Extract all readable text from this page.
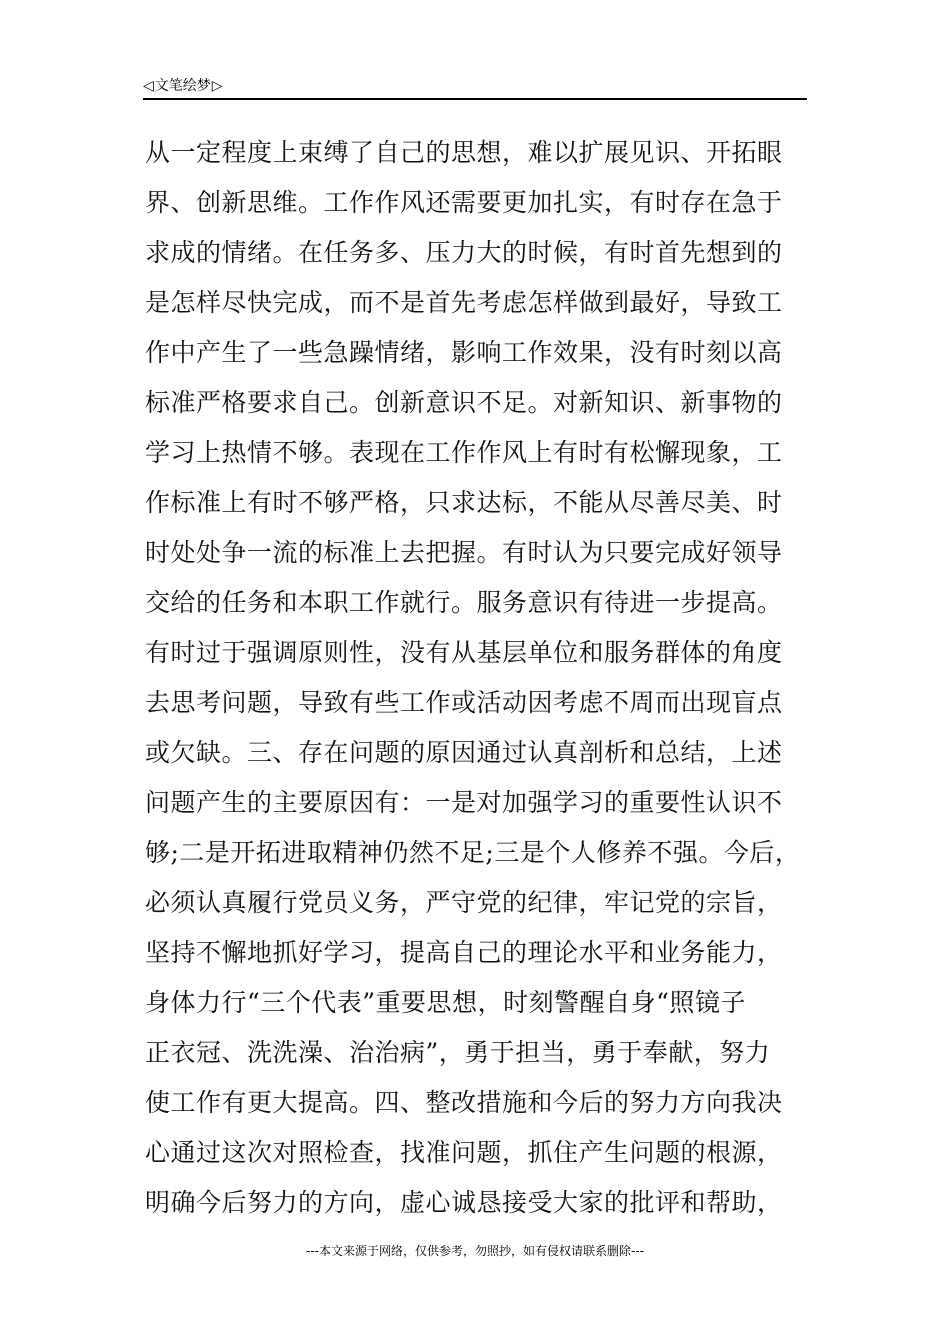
◁ 文笔绘梦 ▷
从一定程度上束缚了自己的思想，难以扩展见识、开拓眼
界、创新思维。工作作风还需要更加扎实，有时存在急于
求成的情绪。在任务多、压力大的时候，有时首先想到的
是怎样尽快完成，而不是首先考虑怎样做到最好，导致工
作中产生了一些急躁情绪，影响工作效果，没有时刻以高
标准严格要求自己。创新意识不足。对新知识、新事物的
学习上热情不够。表现在工作作风上有时有松懈现象，工
作标准上有时不够严格，只求达标，不能从尽善尽美、时
时处处争一流的标准上去把握。有时认为只要完成好领导
交给的任务和本职工作就行。服务意识有待进一步提高。
有时过于强调原则性，没有从基层单位和服务群体的角度
去思考问题，导致有些工作或活动因考虑不周而出现盲点
或欠缺。三、存在问题的原因通过认真剖析和总结，上述
问题产生的主要原因有：一是对加强学习的重要性认识不
够;二是开拓进取精神仍然不足;三是个人修养不强。今后，
必须认真履行党员义务，严守党的纪律，牢记党的宗旨，
坚持不懈地抓好学习，提高自己的理论水平和业务能力，
身体力行“三个代表”重要思想，时刻警醒自身“照镜子
正衣冠、洗洗澡、治治病”，勇于担当，勇于奉献，努力
使工作有更大提高。四、整改措施和今后的努力方向我决
心通过这次对照检查，找准问题，抓住产生问题的根源，
明确今后努力的方向，虚心诚恳接受大家的批评和帮助，
---本文来源于网络，仅供参考，勿照抄，如有侵权请联系删除---
